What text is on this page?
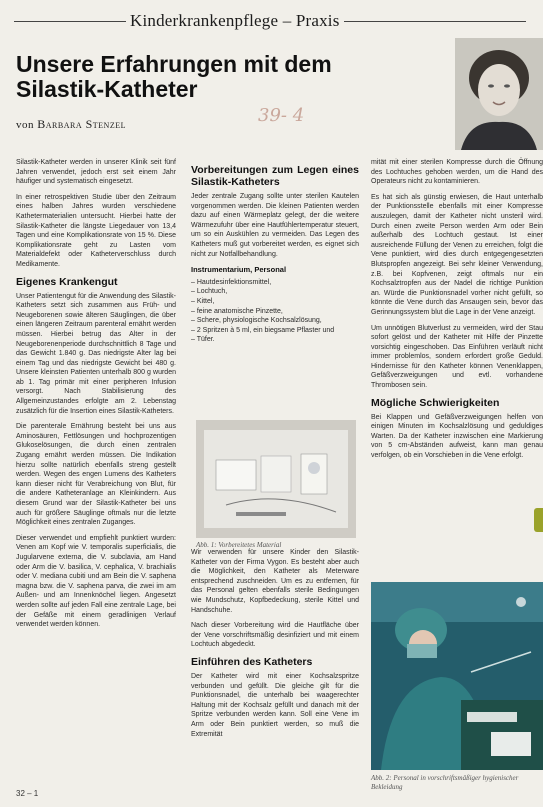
Kinderkrankenpflege – Praxis
Unsere Erfahrungen mit dem Silastik-Katheter
von Barbara Stenzel	39- 4

Silastik-Katheter werden in unserer Klinik seit fünf Jahren verwendet, jedoch erst seit einem Jahr häufiger und systematisch eingesetzt.

In einer retrospektiven Studie über den Zeitraum eines halben Jahres wurden verschiedene Kathetermaterialien untersucht. Hierbei hatte der Silastik-Katheter die längste Liegedauer von 13,4 Tagen und eine Komplikationsrate von 15 %. Diese Komplikationsrate geht zu Lasten vom Materialdefekt oder Katheterverschluss durch Medikamente.

Eigenes Krankengut

Unser Patientengut für die Anwendung des Silastik-Katheters setzt sich zusammen aus Früh- und Neugeborenen sowie älteren Säuglingen, die über einen längeren Zeitraum parenteral ernährt werden müssen. Hierbei betrug das Alter in der Neugeborenenperiode durchschnittlich 8 Tage und das Gewicht 1.840 g. Das niedrigste Alter lag bei einem Tag und das niedrigste Gewicht bei 480 g. Unsere kleinsten Patienten unterhalb 800 g wurden ab 1. Tag primär mit einer peripheren Infusion versorgt. Nach Stabilisierung des Allgemeinzustandes erfolgte am 2. Lebenstag zusätzlich für die Insertion eines Silastik-Katheters.

Die parenterale Ernährung besteht bei uns aus Aminosäuren, Fettlösungen und hochprozentigen Glukoselösungen, die durch einen zentralen Zugang ernährt werden müssen. Die Indikation hierzu sollte natürlich ebenfalls streng gestellt werden. Wegen des engen Lumens des Katheters kann dieser nicht für Verabreichung von Blut, für die andere Katheteranlage an Kleinkindern. Aus diesem Grund war der Silastik-Katheter bei uns auch für größere Säuglinge oftmals nur die letzte Möglichkeit eines zentralen Zuganges.

Dieser verwendet und empfiehlt punktiert wurden: Venen am Kopf wie V. temporalis superficialis, die Jugularvene externa, die V. subclavia, am Hand oder Arm die V. basilica, V. cephalica, V. brachialis oder V. mediana cubiti und am Bein die V. saphena magna bzw. die V. saphena parva, die zwei im am Außen- und am Innenknöchel liegen. Angesetzt werden sollte auf jeden Fall eine zentrale Lage, bei der Gefäße mit einem geradlinigen Verlauf verwendet werden können.

Vorbereitungen zum Legen eines Silastik-Katheters

Jeder zentrale Zugang sollte unter sterilen Kautelen vorgenommen werden. Die kleinen Patienten werden dazu auf einen Wärmeplatz gelegt, der die weitere Wärmezufuhr über eine Hautfühlertemperatur steuert, um so ein Auskühlen zu vermeiden. Das Legen des Katheters muß gut vorbereitet werden, es eignet sich nicht zur Notfallbehandlung.

Instrumentarium, Personal
– Hautdesinfektionsmittel,
– Lochtuch,
– Kittel,
– feine anatomische Pinzette,
– Schere, physiologische Kochsalzlösung,
– 2 Spritzen à 5 ml, ein biegsame Pflaster und
– Tüfer.
Abb. 1: Vorbereitetes Material

Wir verwenden für unsere Kinder den Silastik-Katheter von der Firma Vygon. Es besteht aber auch die Möglichkeit, den Katheter als Meterware entsprechend zuschneiden. Um es zu entfernen, für das Personal gelten ebenfalls sterile Bedingungen wie Mundschutz, Kopfbedeckung, sterile Kittel und Handschuhe.

Nach dieser Vorbereitung wird die Hautfläche über der Vene vorschriftsmäßig desinfiziert und mit einem Lochtuch abgedeckt.

Einführen des Katheters

Der Katheter wird mit einer Kochsalzspritze verbunden und gefüllt. Die gleiche gilt für die Punktionsnadel, die unterhalb bei waagerechter Haltung mit der Kochsalz gefüllt und danach mit der Spritze verbunden werden kann. Soll eine Vene im Arm oder Bein punktiert werden, so muß die Extremität

mität mit einer sterilen Kompresse durch die Öffnung des Lochtuches gehoben werden, um die Hand des Operateurs nicht zu kontaminieren.

Es hat sich als günstig erwiesen, die Haut unterhalb der Punktionsstelle ebenfalls mit einer Kompresse auszulegen, damit der Katheter nicht unsteril wird. Durch einen zweite Person werden Arm oder Bein außerhalb des Lochtuch gestaut. Ist einer ausreichende Füllung der Venen zu erreichen, folgt die Vene punktiert, wird dies durch entgegengesetzten Blutspropfen angezeigt. Bei sehr kleiner Verwendung, z.B. bei Kopfvenen, zeigt oftmals nur ein Kochsalztropfen aus der Nadel die richtige Punktion an. Würde die Punktionsnadel vorher nicht gefüllt, so könnte die Vene durch das Ansaugen sein, bevor das Gerinnungssystem blut die Lage in der Vene anzeigt.

Um unnötigen Blutverlust zu vermeiden, wird der Stau sofort gelöst und der Katheter mit Hilfe der Pinzette vorsichtig eingeschoben. Das Einführen verläuft nicht immer problemlos, sondern erfordert große Geduld. Hindernisse für den Katheter können Venenklappen, Gefäßverzweigungen und evtl. vorhandene Thrombosen sein.

Mögliche Schwierigkeiten

Bei Klappen und Gefäßverzweigungen helfen von einigen Minuten im Kochsalzlösung und geduldiges Warten. Da der Katheter inzwischen eine Markierung von 5 cm-Abständen aufweist, kann man genau verfolgen, ob ein Vorschieben in die Vene erfolgt.

Abb. 2: Personal in vorschriftsmäßiger hygienischer Bekleidung
32 – 1
